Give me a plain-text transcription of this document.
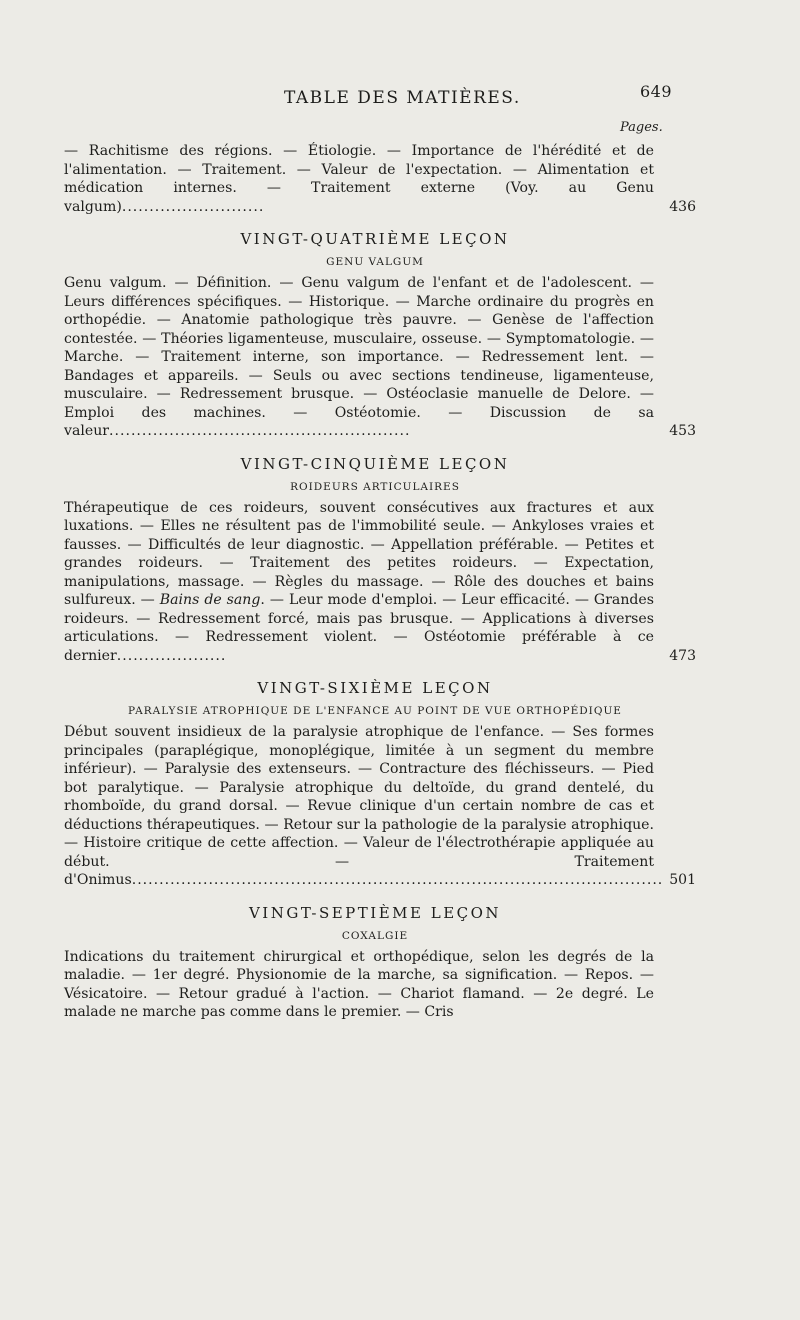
TABLE DES MATIÈRES.	649
Pages.
— Rachitisme des régions. — Étiologie. — Importance de l'hérédité et de l'alimentation. — Traitement. — Valeur de l'expectation. — Alimentation et médication internes. — Traitement externe (Voy. au Genu valgum)..........................	436
VINGT-QUATRIÈME LEÇON
GENU VALGUM
Genu valgum. — Définition. — Genu valgum de l'enfant et de l'adolescent. — Leurs différences spécifiques. — Historique. — Marche ordinaire du progrès en orthopédie. — Anatomie pathologique très pauvre. — Genèse de l'affection contestée. — Théories ligamenteuse, musculaire, osseuse. — Symptomatologie. — Marche. — Traitement interne, son importance. — Redressement lent. — Bandages et appareils. — Seuls ou avec sections tendineuse, ligamenteuse, musculaire. — Redressement brusque. — Ostéoclasie manuelle de Delore. — Emploi des machines. — Ostéotomie. — Discussion de sa valeur.......................................................	453
VINGT-CINQUIÈME LEÇON
ROIDEURS ARTICULAIRES
Thérapeutique de ces roideurs, souvent consécutives aux fractures et aux luxations. — Elles ne résultent pas de l'immobilité seule. — Ankyloses vraies et fausses. — Difficultés de leur diagnostic. — Appellation préférable. — Petites et grandes roideurs. — Traitement des petites roideurs. — Expectation, manipulations, massage. — Règles du massage. — Rôle des douches et bains sulfureux. — Bains de sang. — Leur mode d'emploi. — Leur efficacité. — Grandes roideurs. — Redressement forcé, mais pas brusque. — Applications à diverses articulations. — Redressement violent. — Ostéotomie préférable à ce dernier....................	473
VINGT-SIXIÈME LEÇON
PARALYSIE ATROPHIQUE DE L'ENFANCE AU POINT DE VUE ORTHOPÉDIQUE
Début souvent insidieux de la paralysie atrophique de l'enfance. — Ses formes principales (paraplégique, monoplégique, limitée à un segment du membre inférieur). — Paralysie des extenseurs. — Contracture des fléchisseurs. — Pied bot paralytique. — Paralysie atrophique du deltoïde, du grand dentelé, du rhomboïde, du grand dorsal. — Revue clinique d'un certain nombre de cas et déductions thérapeutiques. — Retour sur la pathologie de la paralysie atrophique. — Histoire critique de cette affection. — Valeur de l'électrothérapie appliquée au début. — Traitement d'Onimus................................................................................................. 501
VINGT-SEPTIÈME LEÇON
COXALGIE
Indications du traitement chirurgical et orthopédique, selon les degrés de la maladie. — 1er degré. Physionomie de la marche, sa signification. — Repos. — Vésicatoire. — Retour gradué à l'action. — Chariot flamand. — 2e degré. Le malade ne marche pas comme dans le premier. — Cris
